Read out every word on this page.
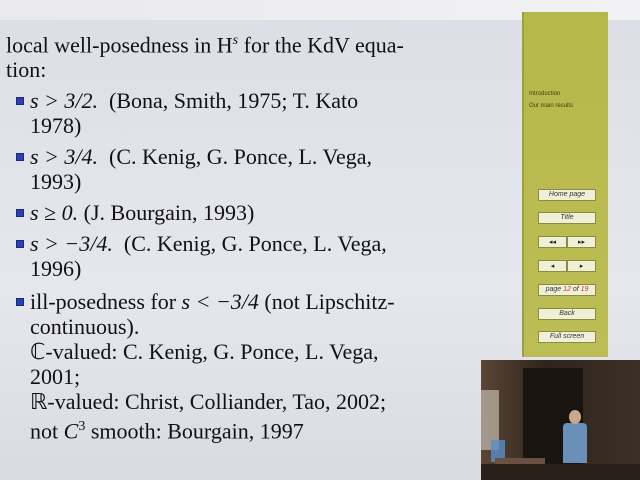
local well-posedness in $H^s$ for the KdV equa-
tion:
s > 3/2. (Bona, Smith, 1975; T. Kato
1978)
s > 3/4. (C. Kenig, G. Ponce, L. Vega,
1993)
s ≥ 0. (J. Bourgain, 1993)
s > −3/4. (C. Kenig, G. Ponce, L. Vega,
1996)
ill-posedness for s < −3/4 (not Lipschitz-
continuous).
ℂ-valued: C. Kenig, G. Ponce, L. Vega,
2001;
ℝ-valued: Christ, Colliander, Tao, 2002;
not $C^3$ smooth: Bourgain, 1997
Introduction
Our main results
Home page
Title
◂◂	▸▸
◂	▸
page 12 of 19
Back
Full screen
